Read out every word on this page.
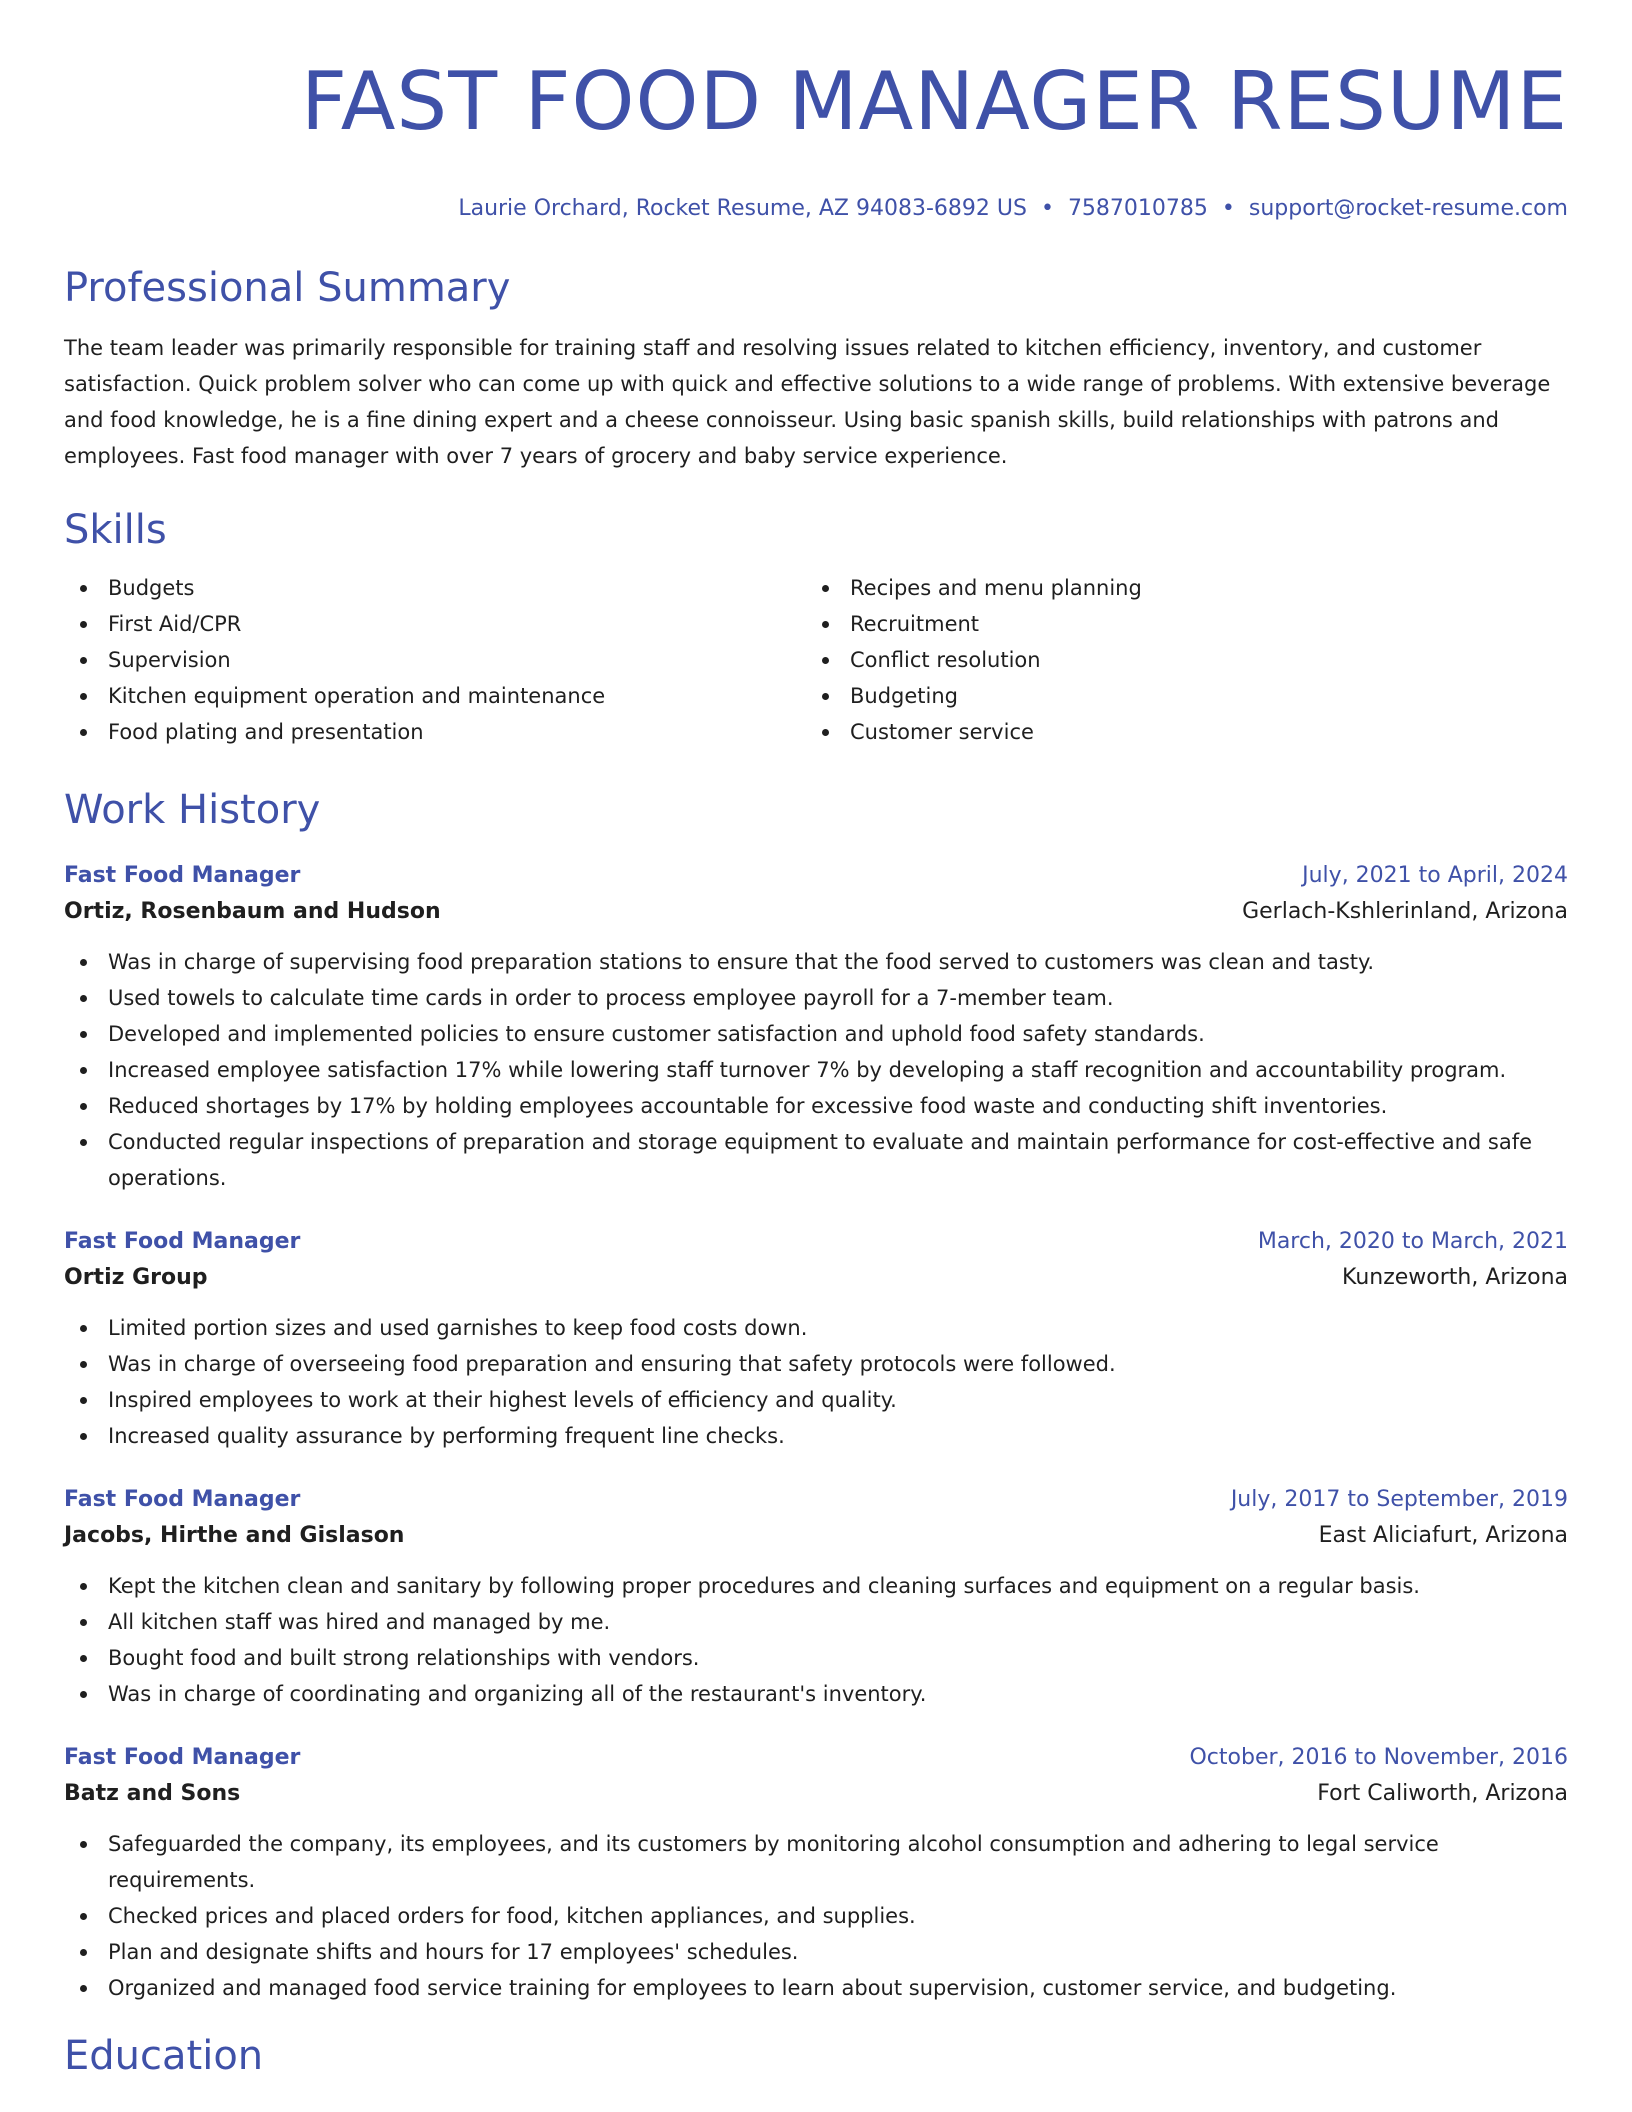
FAST FOOD MANAGER RESUME
Laurie Orchard, Rocket Resume, AZ 94083-6892 US • 7587010785 • support@rocket-resume.com
Professional Summary

The team leader was primarily responsible for training staff and resolving issues related to kitchen efficiency, inventory, and customer satisfaction. Quick problem solver who can come up with quick and effective solutions to a wide range of problems. With extensive beverage and food knowledge, he is a fine dining expert and a cheese connoisseur. Using basic spanish skills, build relationships with patrons and employees. Fast food manager with over 7 years of grocery and baby service experience.

Skills
Budgets
First Aid/CPR
Supervision
Kitchen equipment operation and maintenance
Food plating and presentation
Recipes and menu planning
Recruitment
Conflict resolution
Budgeting
Customer service
Work History
Fast Food Manager	July, 2021 to April, 2024
Ortiz, Rosenbaum and Hudson	Gerlach-Kshlerinland, Arizona
Was in charge of supervising food preparation stations to ensure that the food served to customers was clean and tasty.
Used towels to calculate time cards in order to process employee payroll for a 7-member team.
Developed and implemented policies to ensure customer satisfaction and uphold food safety standards.
Increased employee satisfaction 17% while lowering staff turnover 7% by developing a staff recognition and accountability program.
Reduced shortages by 17% by holding employees accountable for excessive food waste and conducting shift inventories.
Conducted regular inspections of preparation and storage equipment to evaluate and maintain performance for cost-effective and safe operations.
Fast Food Manager	March, 2020 to March, 2021
Ortiz Group	Kunzeworth, Arizona
Limited portion sizes and used garnishes to keep food costs down.
Was in charge of overseeing food preparation and ensuring that safety protocols were followed.
Inspired employees to work at their highest levels of efficiency and quality.
Increased quality assurance by performing frequent line checks.
Fast Food Manager	July, 2017 to September, 2019
Jacobs, Hirthe and Gislason	East Aliciafurt, Arizona
Kept the kitchen clean and sanitary by following proper procedures and cleaning surfaces and equipment on a regular basis.
All kitchen staff was hired and managed by me.
Bought food and built strong relationships with vendors.
Was in charge of coordinating and organizing all of the restaurant's inventory.
Fast Food Manager	October, 2016 to November, 2016
Batz and Sons	Fort Caliworth, Arizona
Safeguarded the company, its employees, and its customers by monitoring alcohol consumption and adhering to legal service requirements.
Checked prices and placed orders for food, kitchen appliances, and supplies.
Plan and designate shifts and hours for 17 employees' schedules.
Organized and managed food service training for employees to learn about supervision, customer service, and budgeting.
Education
